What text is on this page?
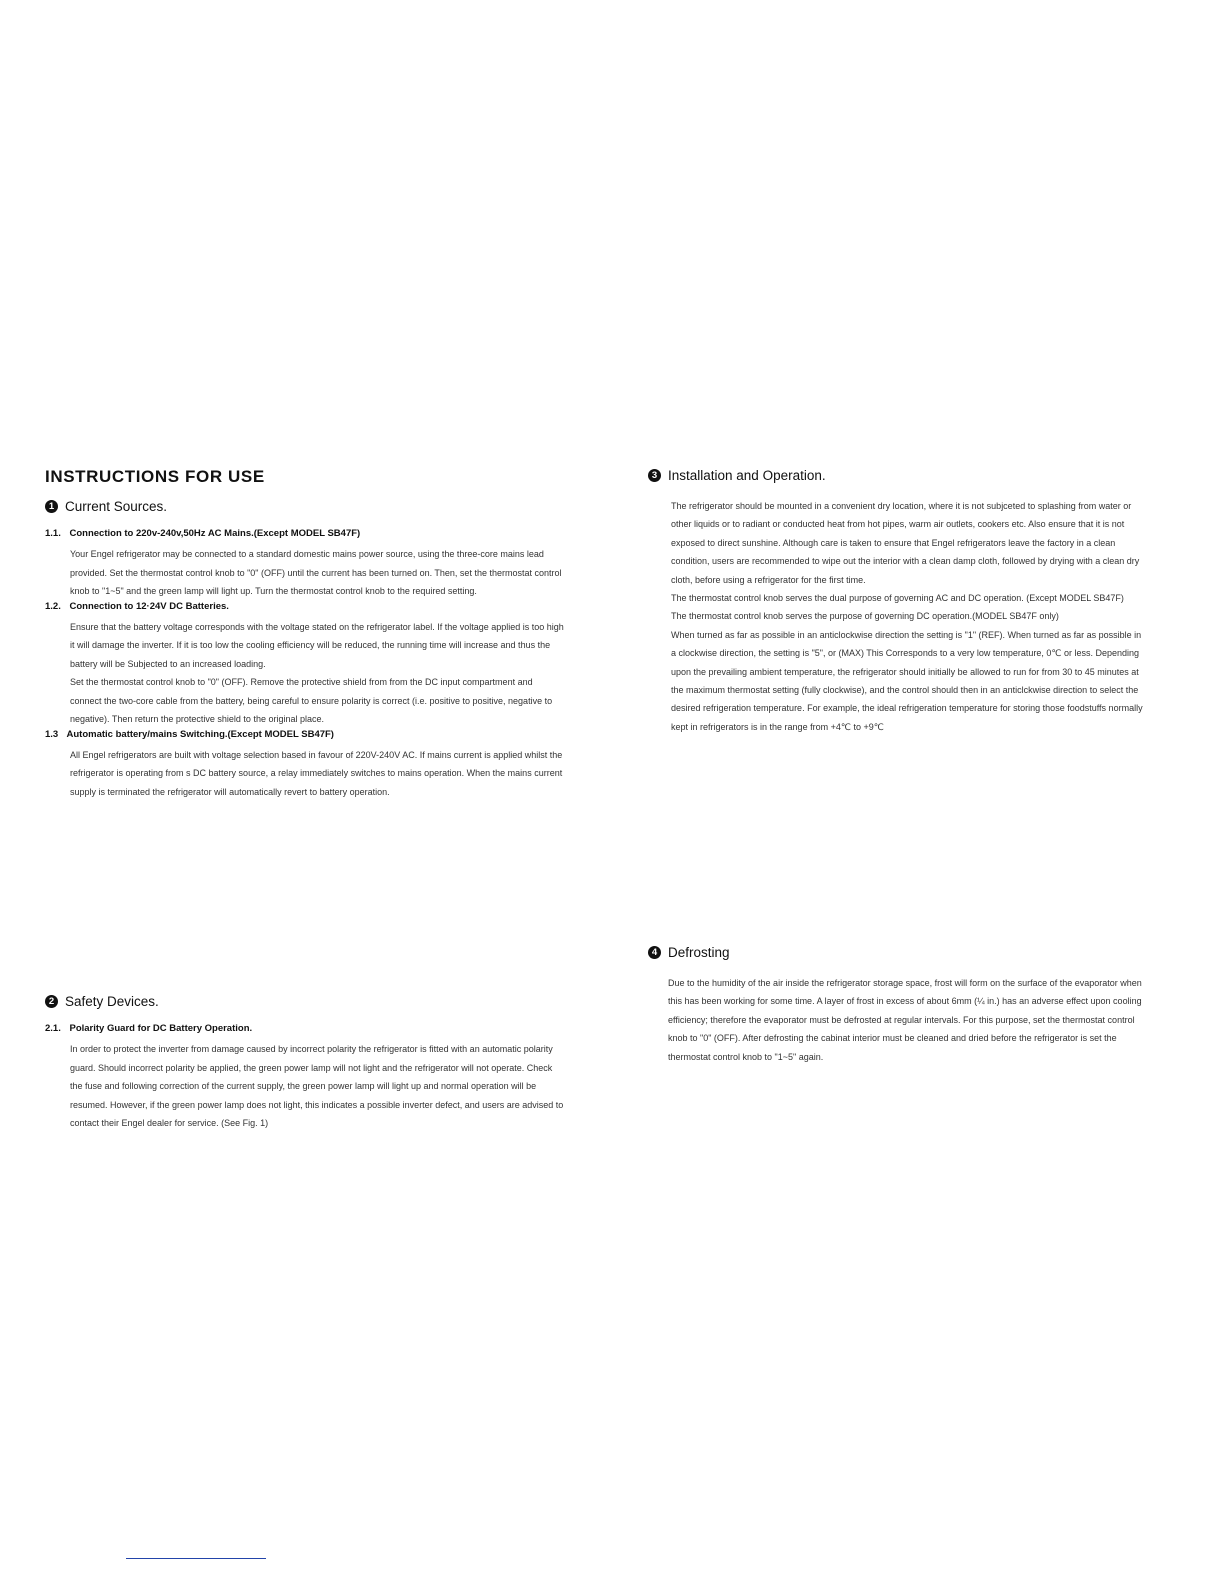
INSTRUCTIONS FOR USE
1 Current Sources.
1.1. Connection to 220v-240v,50Hz AC Mains.(Except MODEL SB47F)

Your Engel refrigerator may be connected to a standard domestic mains power source, using the three-core mains lead provided. Set the thermostat control knob to "0" (OFF) until the current has been turned on. Then, set the thermostat control knob to "1~5" and the green lamp will light up. Turn the thermostat control knob to the required setting.

1.2. Connection to 12·24V DC Batteries.

Ensure that the battery voltage corresponds with the voltage stated on the refrigerator label. If the voltage applied is too high it will damage the inverter. If it is too low the cooling efficiency will be reduced, the running time will increase and thus the battery will be Subjected to an increased loading.

Set the thermostat control knob to "0" (OFF). Remove the protective shield from from the DC input compartment and connect the two-core cable from the battery, being careful to ensure polarity is correct (i.e. positive to positive, negative to negative). Then return the protective shield to the original place.

1.3 Automatic battery/mains Switching.(Except MODEL SB47F)

All Engel refrigerators are built with voltage selection based in favour of 220V-240V AC. If mains current is applied whilst the refrigerator is operating from s DC battery source, a relay immediately switches to mains operation. When the mains current supply is terminated the refrigerator will automatically revert to battery operation.

2 Safety Devices.
2.1. Polarity Guard for DC Battery Operation.

In order to protect the inverter from damage caused by incorrect polarity the refrigerator is fitted with an automatic polarity guard. Should incorrect polarity be applied, the green power lamp will not light and the refrigerator will not operate. Check the fuse and following correction of the current supply, the green power lamp will light up and normal operation will be resumed. However, if the green power lamp does not light, this indicates a possible inverter defect, and users are advised to contact their Engel dealer for service. (See Fig. 1)

3 Installation and Operation.

The refrigerator should be mounted in a convenient dry location, where it is not subjceted to splashing from water or other liquids or to radiant or conducted heat from hot pipes, warm air outlets, cookers etc. Also ensure that it is not exposed to direct sunshine. Although care is taken to ensure that Engel refrigerators leave the factory in a clean condition, users are recommended to wipe out the interior with a clean damp cloth, followed by drying with a clean dry cloth, before using a refrigerator for the first time.

The thermostat control knob serves the dual purpose of governing AC and DC operation. (Except MODEL SB47F)

The thermostat control knob serves the purpose of governing DC operation.(MODEL SB47F only)

When turned as far as possible in an anticlockwise direction the setting is "1" (REF). When turned as far as possible in a clockwise direction, the setting is "5", or (MAX) This Corresponds to a very low temperature, 0℃ or less. Depending upon the prevailing ambient temperature, the refrigerator should initially be allowed to run for from 30 to 45 minutes at the maximum thermostat setting (fully clockwise), and the control should then in an anticlckwise direction to select the desired refrigeration temperature. For example, the ideal refrigeration temperature for storing those foodstuffs normally kept in refrigerators is in the range from +4℃ to +9℃

4 Defrosting

Due to the humidity of the air inside the refrigerator storage space, frost will form on the surface of the evaporator when this has been working for some time. A layer of frost in excess of about 6mm (¼ in.) has an adverse effect upon cooling efficiency; therefore the evaporator must be defrosted at regular intervals. For this purpose, set the thermostat control knob to "0" (OFF). After defrosting the cabinat interior must be cleaned and dried before the refrigerator is set the thermostat control knob to "1~5" again.
